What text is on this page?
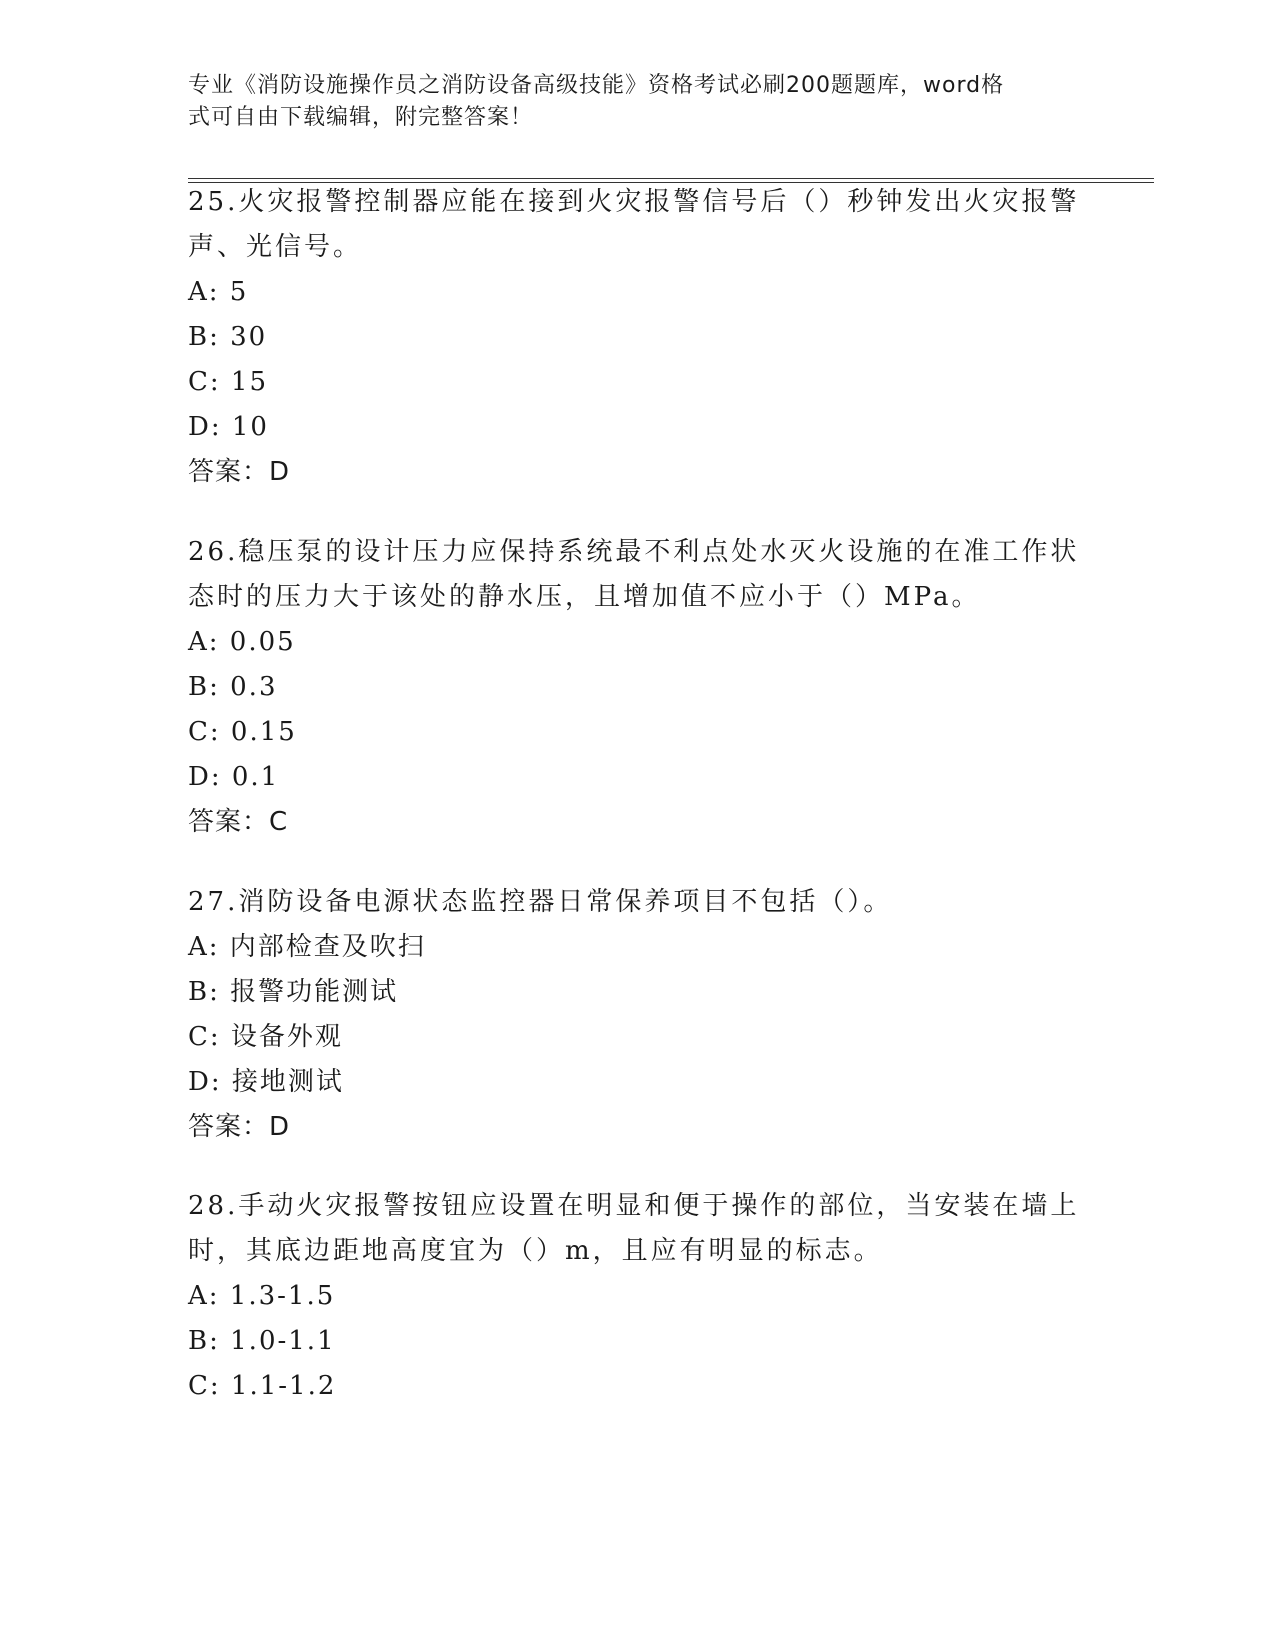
专业《消防设施操作员之消防设备高级技能》资格考试必刷200题题库，word格
式可自由下载编辑，附完整答案！

25.火灾报警控制器应能在接到火灾报警信号后（）秒钟发出火灾报警

声、光信号。

A: 5

B: 30

C: 15

D: 10

答案：D

26.稳压泵的设计压力应保持系统最不利点处水灭火设施的在准工作状

态时的压力大于该处的静水压，且增加值不应小于（）MPa。

A: 0.05

B: 0.3

C: 0.15

D: 0.1

答案：C

27.消防设备电源状态监控器日常保养项目不包括（）。

A: 内部检查及吹扫

B: 报警功能测试

C: 设备外观

D: 接地测试

答案：D

28.手动火灾报警按钮应设置在明显和便于操作的部位，当安装在墙上

时，其底边距地高度宜为（）m，且应有明显的标志。

A: 1.3-1.5

B: 1.0-1.1

C: 1.1-1.2
